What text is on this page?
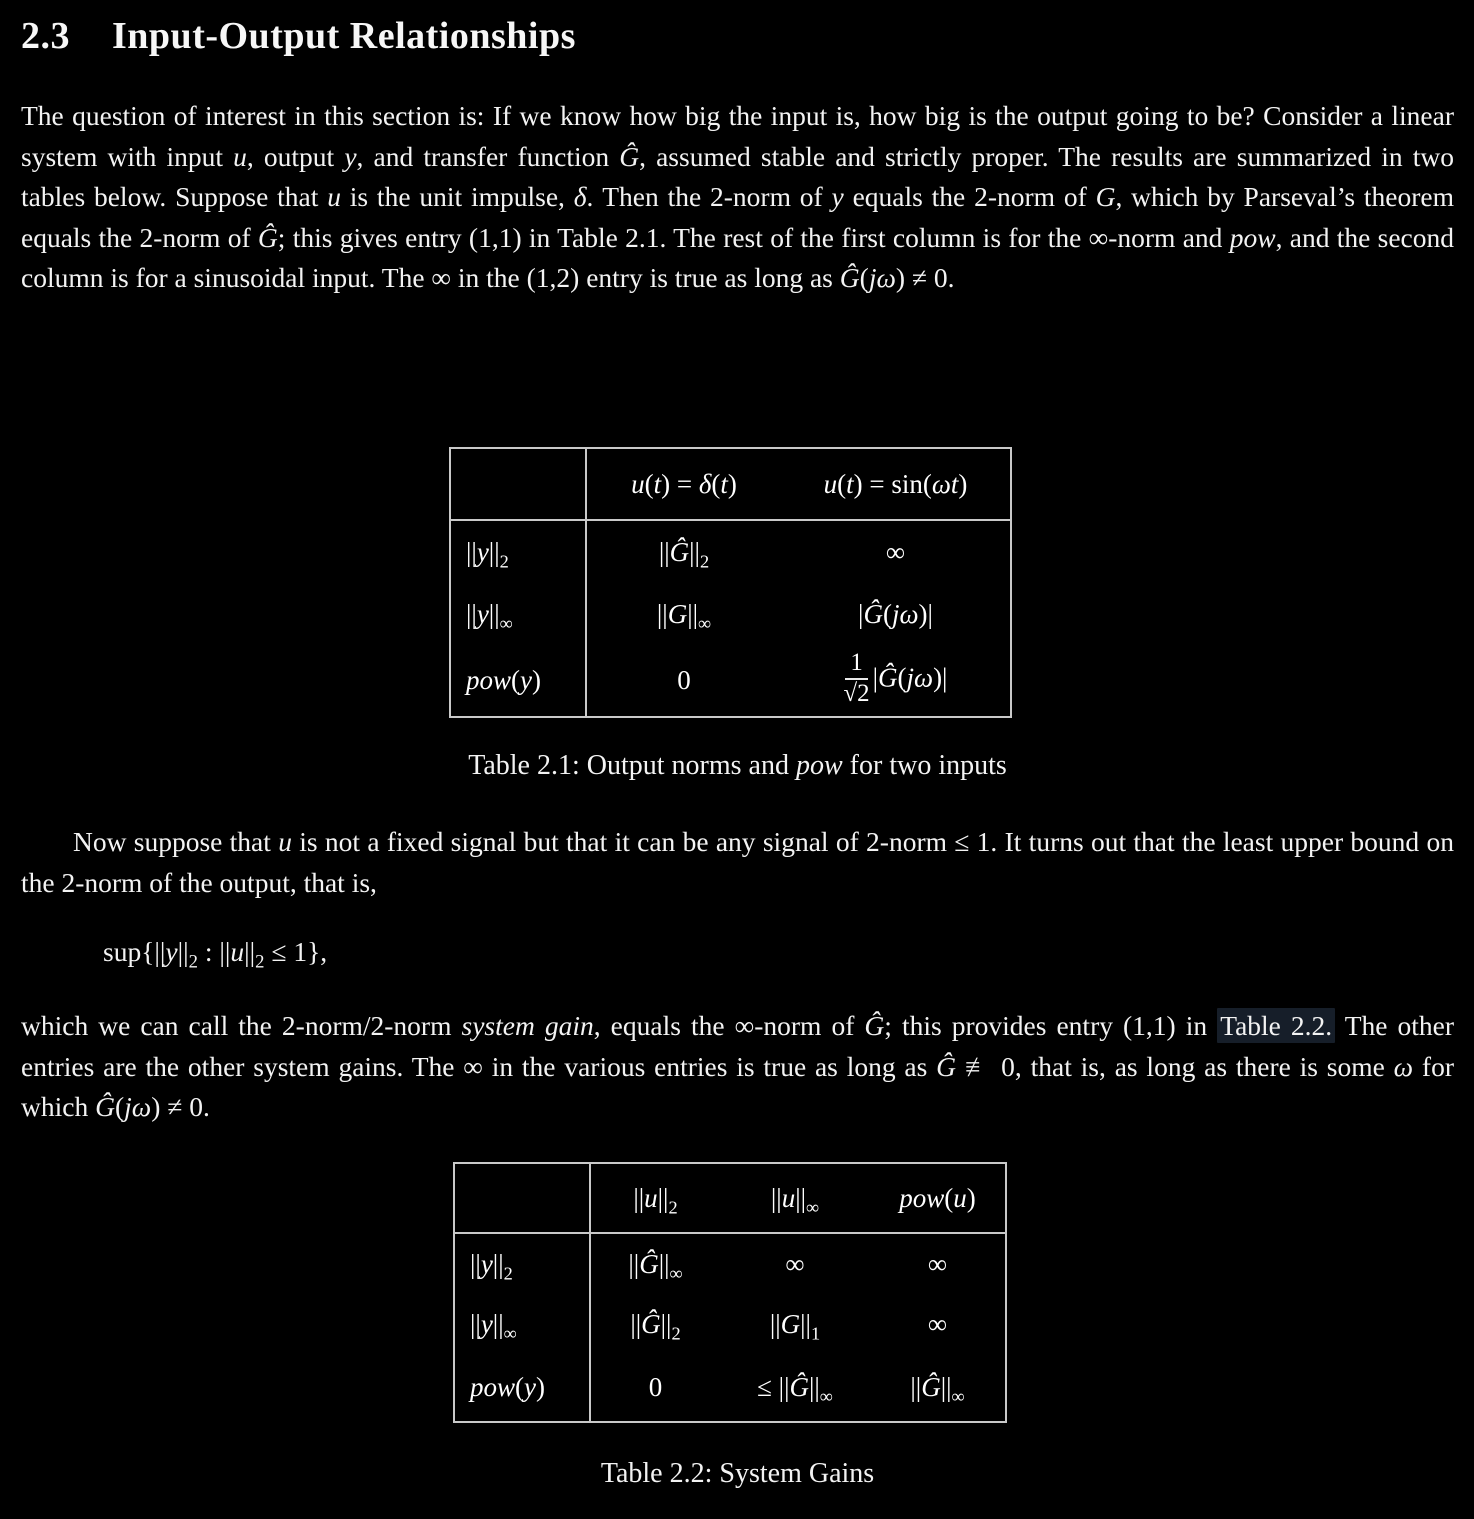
2.3 Input-Output Relationships
The question of interest in this section is: If we know how big the input is, how big is the output going to be? Consider a linear system with input u, output y, and transfer function Ĝ, assumed stable and strictly proper. The results are summarized in two tables below. Suppose that u is the unit impulse, δ. Then the 2-norm of y equals the 2-norm of G, which by Parseval’s theorem equals the 2-norm of Ĝ; this gives entry (1,1) in Table 2.1. The rest of the first column is for the ∞-norm and pow, and the second column is for a sinusoidal input. The ∞ in the (1,2) entry is true as long as Ĝ(jω) ≠ 0.
	u(t) = δ(t)	u(t) = sin(ωt)
$||y||_2$	$||Ĝ||_2$	∞
$||y||_\infty$	$||G||_\infty$	|Ĝ(jω)|
pow(y)	0	$\frac{1}{√2}$ |Ĝ(jω)|
Table 2.1: Output norms and pow for two inputs
Now suppose that u is not a fixed signal but that it can be any signal of 2-norm ≤ 1. It turns out that the least upper bound on the 2-norm of the output, that is,
$sup\{||y||_2$ : $||u||_2 \le 1$},
which we can call the 2-norm/2-norm system gain, equals the ∞-norm of Ĝ; this provides entry (1,1) in Table 2.2. The other entries are the other system gains. The ∞ in the various entries is true as long as Ĝ ≢ 0, that is, as long as there is some ω for which Ĝ(jω) ≠ 0.
	$||u||_2$	$||u||_\infty$	pow(u)
$||y||_2$	$||Ĝ||_\infty$	∞	∞
$||y||_\infty$	$||Ĝ||_2$	$||G||_1$	∞
pow(y)	0	≤ $||Ĝ||_\infty$	$||Ĝ||_\infty$
Table 2.2: System Gains
